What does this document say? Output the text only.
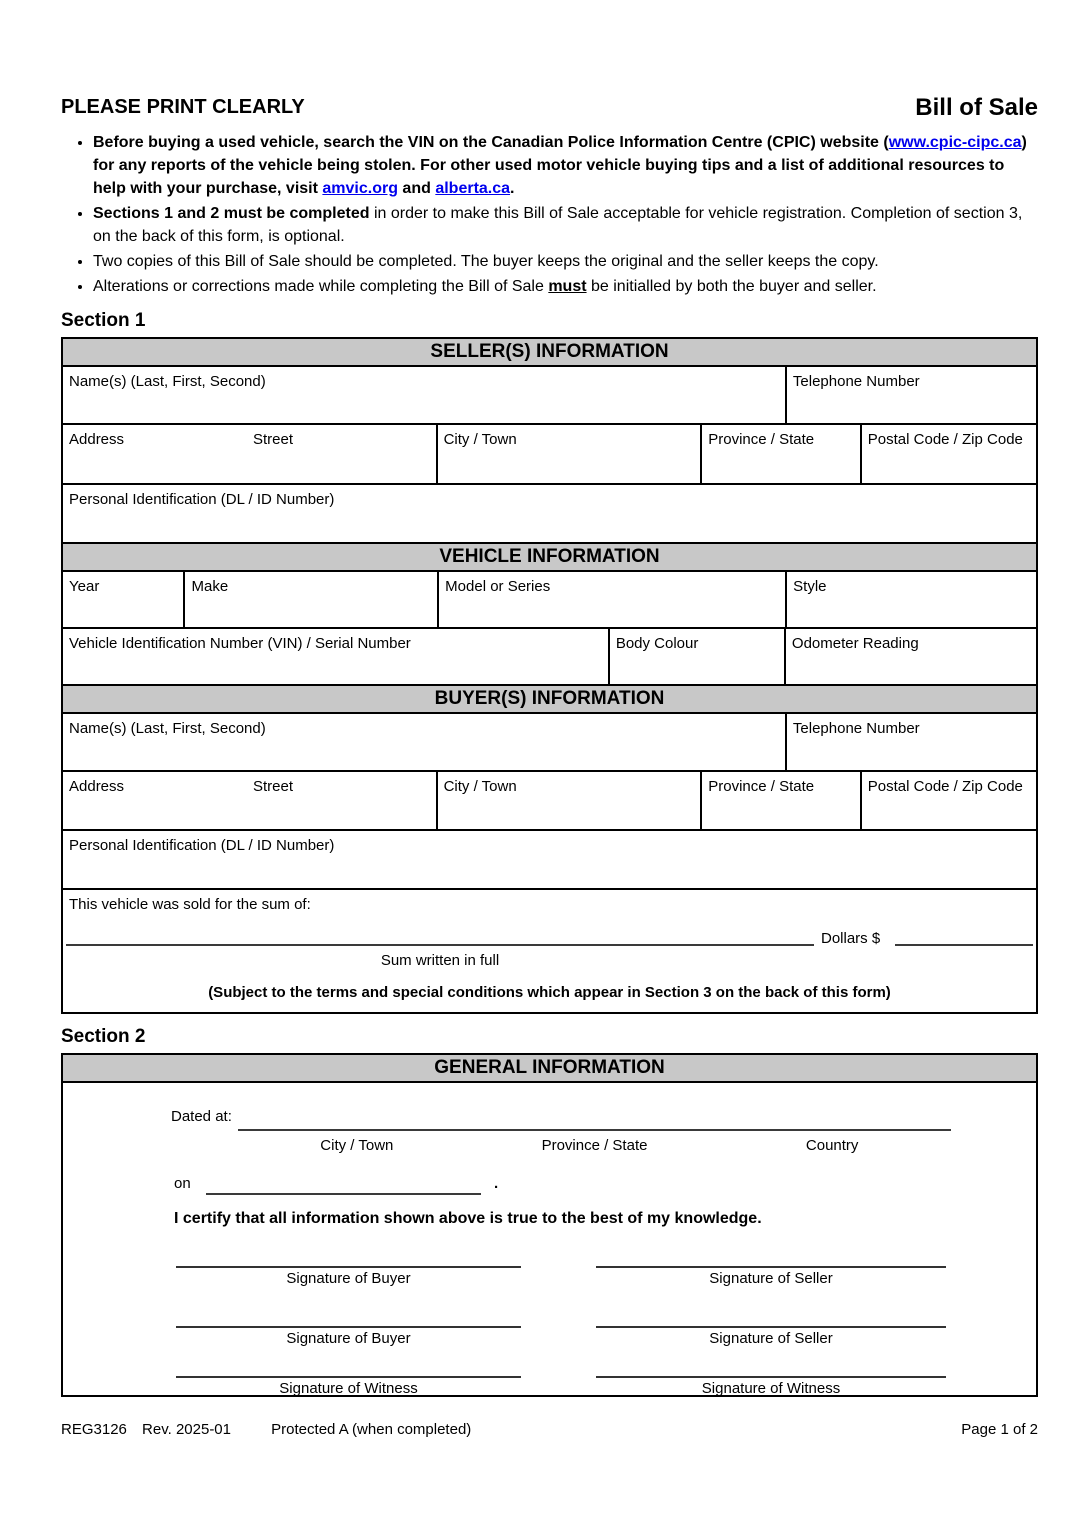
PLEASE PRINT CLEARLY	Bill of Sale
• Before buying a used vehicle, search the VIN on the Canadian Police Information Centre (CPIC) website (www.cpic-cipc.ca) for any reports of the vehicle being stolen. For other used motor vehicle buying tips and a list of additional resources to help with your purchase, visit amvic.org and alberta.ca.
• Sections 1 and 2 must be completed in order to make this Bill of Sale acceptable for vehicle registration. Completion of section 3, on the back of this form, is optional.
• Two copies of this Bill of Sale should be completed. The buyer keeps the original and the seller keeps the copy.
• Alterations or corrections made while completing the Bill of Sale must be initialled by both the buyer and seller.
Section 1
SELLER(S) INFORMATION
Name(s) (Last, First, Second)	Telephone Number
Address	Street	City / Town	Province / State	Postal Code / Zip Code
Personal Identification (DL / ID Number)
VEHICLE INFORMATION
Year	Make	Model or Series	Style
Vehicle Identification Number (VIN) / Serial Number	Body Colour	Odometer Reading
BUYER(S) INFORMATION
Name(s) (Last, First, Second)	Telephone Number
Address	Street	City / Town	Province / State	Postal Code / Zip Code
Personal Identification (DL / ID Number)
This vehicle was sold for the sum of:
Dollars $
Sum written in full
(Subject to the terms and special conditions which appear in Section 3 on the back of this form)
Section 2
GENERAL INFORMATION
Dated at:
City / Town	Province / State	Country
on	.
I certify that all information shown above is true to the best of my knowledge.
Signature of Buyer	Signature of Seller
Signature of Buyer	Signature of Seller
Signature of Witness	Signature of Witness
REG3126 Rev. 2025-01	Protected A (when completed)	Page 1 of 2
